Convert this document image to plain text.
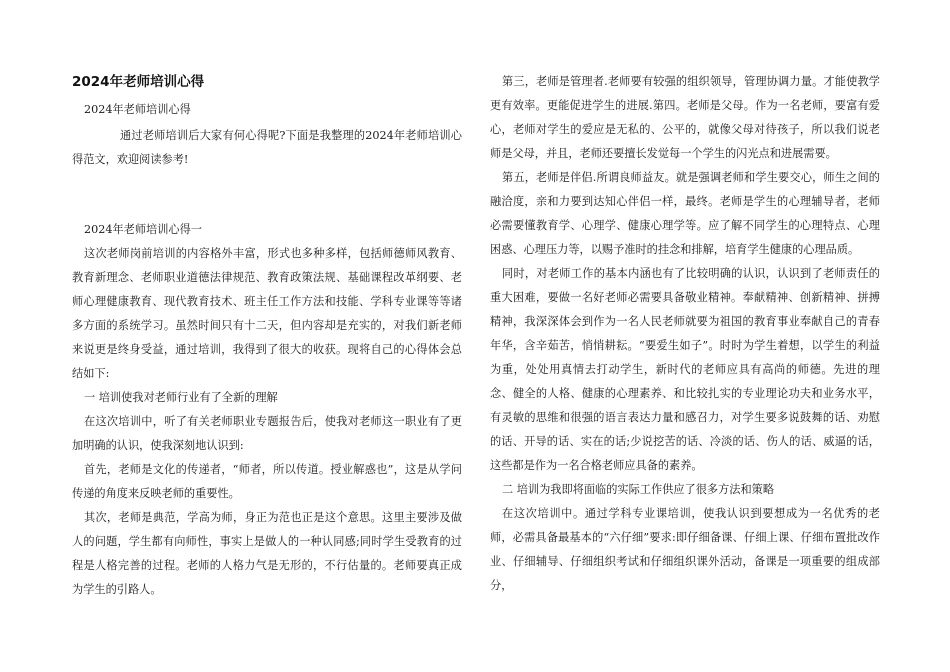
2024年老师培训心得

2024年老师培训心得

通过老师培训后大家有何心得呢?下面是我整理的2024年老师培训心得范文，欢迎阅读参考!

2024年老师培训心得一

这次老师岗前培训的内容格外丰富，形式也多种多样，包括师德师风教育、教育新理念、老师职业道德法律规范、教育政策法规、基础课程改革纲要、老师心理健康教育、现代教育技术、班主任工作方法和技能、学科专业课等等诸多方面的系统学习。虽然时间只有十二天，但内容却是充实的，对我们新老师来说更是终身受益，通过培训，我得到了很大的收获。现将自己的心得体会总结如下:

一 培训使我对老师行业有了全新的理解

在这次培训中，听了有关老师职业专题报告后，使我对老师这一职业有了更加明确的认识，使我深刻地认识到:

首先，老师是文化的传递者，“师者，所以传道。授业解惑也”，这是从学问传递的角度来反映老师的重要性。

其次，老师是典范，学高为师，身正为范也正是这个意思。这里主要涉及做人的问题，学生都有向师性，事实上是做人的一种认同感;同时学生受教育的过程是人格完善的过程。老师的人格力气是无形的，不行估量的。老师要真正成为学生的引路人。

第三，老师是管理者.老师要有较强的组织领导，管理协调力量。才能使教学更有效率。更能促进学生的进展.第四。老师是父母。作为一名老师，要富有爱心，老师对学生的爱应是无私的、公平的，就像父母对待孩子，所以我们说老师是父母，并且，老师还要擅长发觉每一个学生的闪光点和进展需要。

第五，老师是伴侣.所谓良师益友。就是强调老师和学生要交心，师生之间的融洽度，亲和力要到达知心伴侣一样，最终。老师是学生的心理辅导者，老师必需要懂教育学、心理学、健康心理学等。应了解不同学生的心理特点、心理困惑、心理压力等，以赐予准时的挂念和排解，培育学生健康的心理品质。

同时，对老师工作的基本内涵也有了比较明确的认识，认识到了老师责任的重大困难，要做一名好老师必需要具备敬业精神。奉献精神、创新精神、拼搏精神，我深深体会到作为一名人民老师就要为祖国的教育事业奉献自己的青春年华，含辛茹苦，悄悄耕耘。“要爱生如子”。时时为学生着想，以学生的利益为重，处处用真情去打动学生，新时代的老师应具有高尚的师德。先进的理念、健全的人格、健康的心理素养、和比较扎实的专业理论功夫和业务水平，有灵敏的思维和很强的语言表达力量和感召力，对学生要多说鼓舞的话、劝慰的话、开导的话、实在的话;少说挖苦的话、冷淡的话、伤人的话、威逼的话，这些都是作为一名合格老师应具备的素养。

二 培训为我即将面临的实际工作供应了很多方法和策略

在这次培训中。通过学科专业课培训，使我认识到要想成为一名优秀的老师，必需具备最基本的“六仔细”要求:即仔细备课、仔细上课、仔细布置批改作业、仔细辅导、仔细组织考试和仔细组织课外活动，备课是一项重要的组成部分，
